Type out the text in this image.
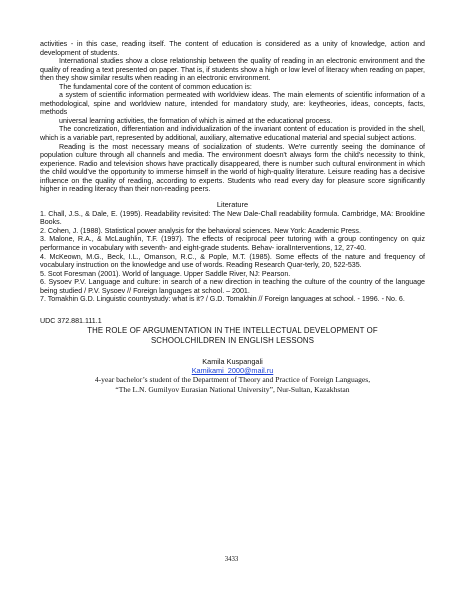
activities - in this case, reading itself. The content of education is considered as a unity of knowledge, action and development of students.

International studies show a close relationship between the quality of reading in an electronic environment and the quality of reading a text presented on paper. That is, if students show a high or low level of literacy when reading on paper, then they show similar results when reading in an electronic environment.

The fundamental core of the content of common education is:

a system of scientific information permeated with worldview ideas. The main elements of scientific information of a methodological, spine and worldview nature, intended for mandatory study, are: keytheories, ideas, concepts, facts, methods

universal learning activities, the formation of which is aimed at the educational process.

The concretization, differentiation and individualization of the invariant content of education is provided in the shell, which is a variable part, represented by additional, auxiliary, alternative educational material and special subject actions.

Reading is the most necessary means of socialization of students. We're currently seeing the dominance of population culture through all channels and media. The environment doesn't always form the child's necessity to think, experience. Radio and television shows have practically disappeared, there is number such cultural environment in which the child would've the opportunity to immerse himself in the world of high-quality literature. Leisure reading has a decisive influence on the quality of reading, according to experts. Students who read every day for pleasure score significantly higher in reading literacy than their non-reading peers.

Literature

1. Chall, J.S., & Dale, E. (1995). Readability revisited: The New Dale-Chall readability formula. Cambridge, MA: Brookline Books.

2. Cohen, J. (1988). Statistical power analysis for the behavioral sciences. New York: Academic Press.

3. Malone, R.A., & McLaughlin, T.F. (1997). The effects of reciprocal peer tutoring with a group contingency on quiz performance in vocabulary with seventh- and eight-grade students. Behav- ioralInterventions, 12, 27-40.

4. McKeown, M.G., Beck, I.L., Omanson, R.C., & Pople, M.T. (1985). Some effects of the nature and frequency of vocabulary instruction on the knowledge and use of words. Reading Research Quar-terly, 20, 522-535.

5. Scot Foresman (2001). World of language. Upper Saddle River, NJ: Pearson.

6. Sysoev P.V. Language and culture: in search of a new direction in teaching the culture of the country of the language being studied / P.V. Sysoev // Foreign languages at school. – 2001.

7. Tomakhin G.D. Linguistic countrystudy: what is it? / G.D. Tomakhin // Foreign languages at school. - 1996. - No. 6.

UDC 372.881.111.1

THE ROLE OF ARGUMENTATION IN THE INTELLECTUAL DEVELOPMENT OF

SCHOOLCHILDREN IN ENGLISH LESSONS

Kamila Kuspangali

Kamikami_2000@mail.ru

4-year bachelor’s student of the Department of Theory and Practice of Foreign Languages,

“The L.N. Gumilyov Eurasian National University”, Nur-Sultan, Kazakhstan

3433
